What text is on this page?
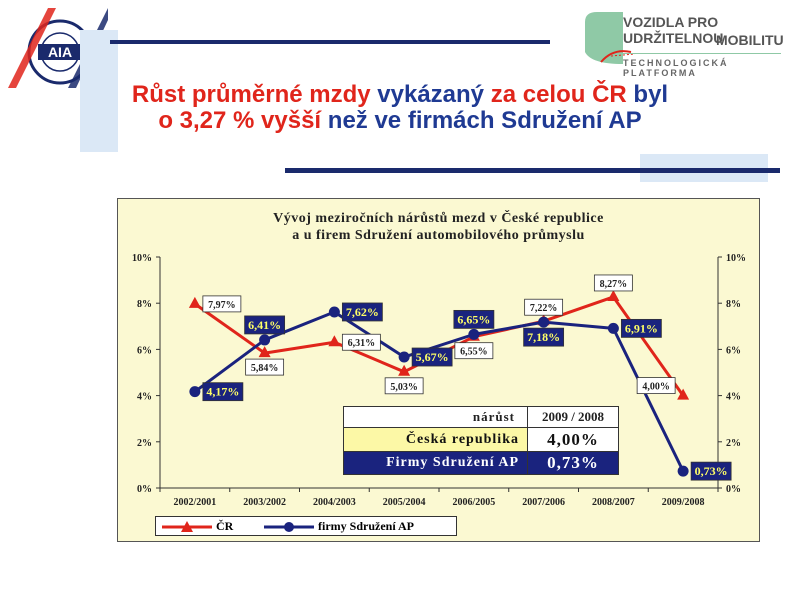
AIA
VOZIDLA PRO UDRŽITELNOU
MOBILITU
TECHNOLOGICKÁ PLATFORMA
Růst průměrné mzdy vykázaný za celou ČR byl
o 3,27 % vyšší než ve firmách Sdružení AP
Vývoj meziročních nárůstů mezd v České republice
a u firem Sdružení automobilového průmyslu
0%	0%
2%	2%
4%	4%
6%	6%
8%	8%
10%	10%
2002/2001	2003/2002	2004/2003	2005/2004	2006/2005	2007/2006	2008/2007	2009/2008
7,97%
5,84%
6,31%
5,03%
6,55%
7,22%
8,27%
4,00%
4,17%
6,41%
7,62%
5,67%
6,65%
7,18%
6,91%
0,73%
nárůst	2009 / 2008
Česká republika	4,00%
Firmy Sdružení AP	0,73%
ČR	firmy Sdružení AP
